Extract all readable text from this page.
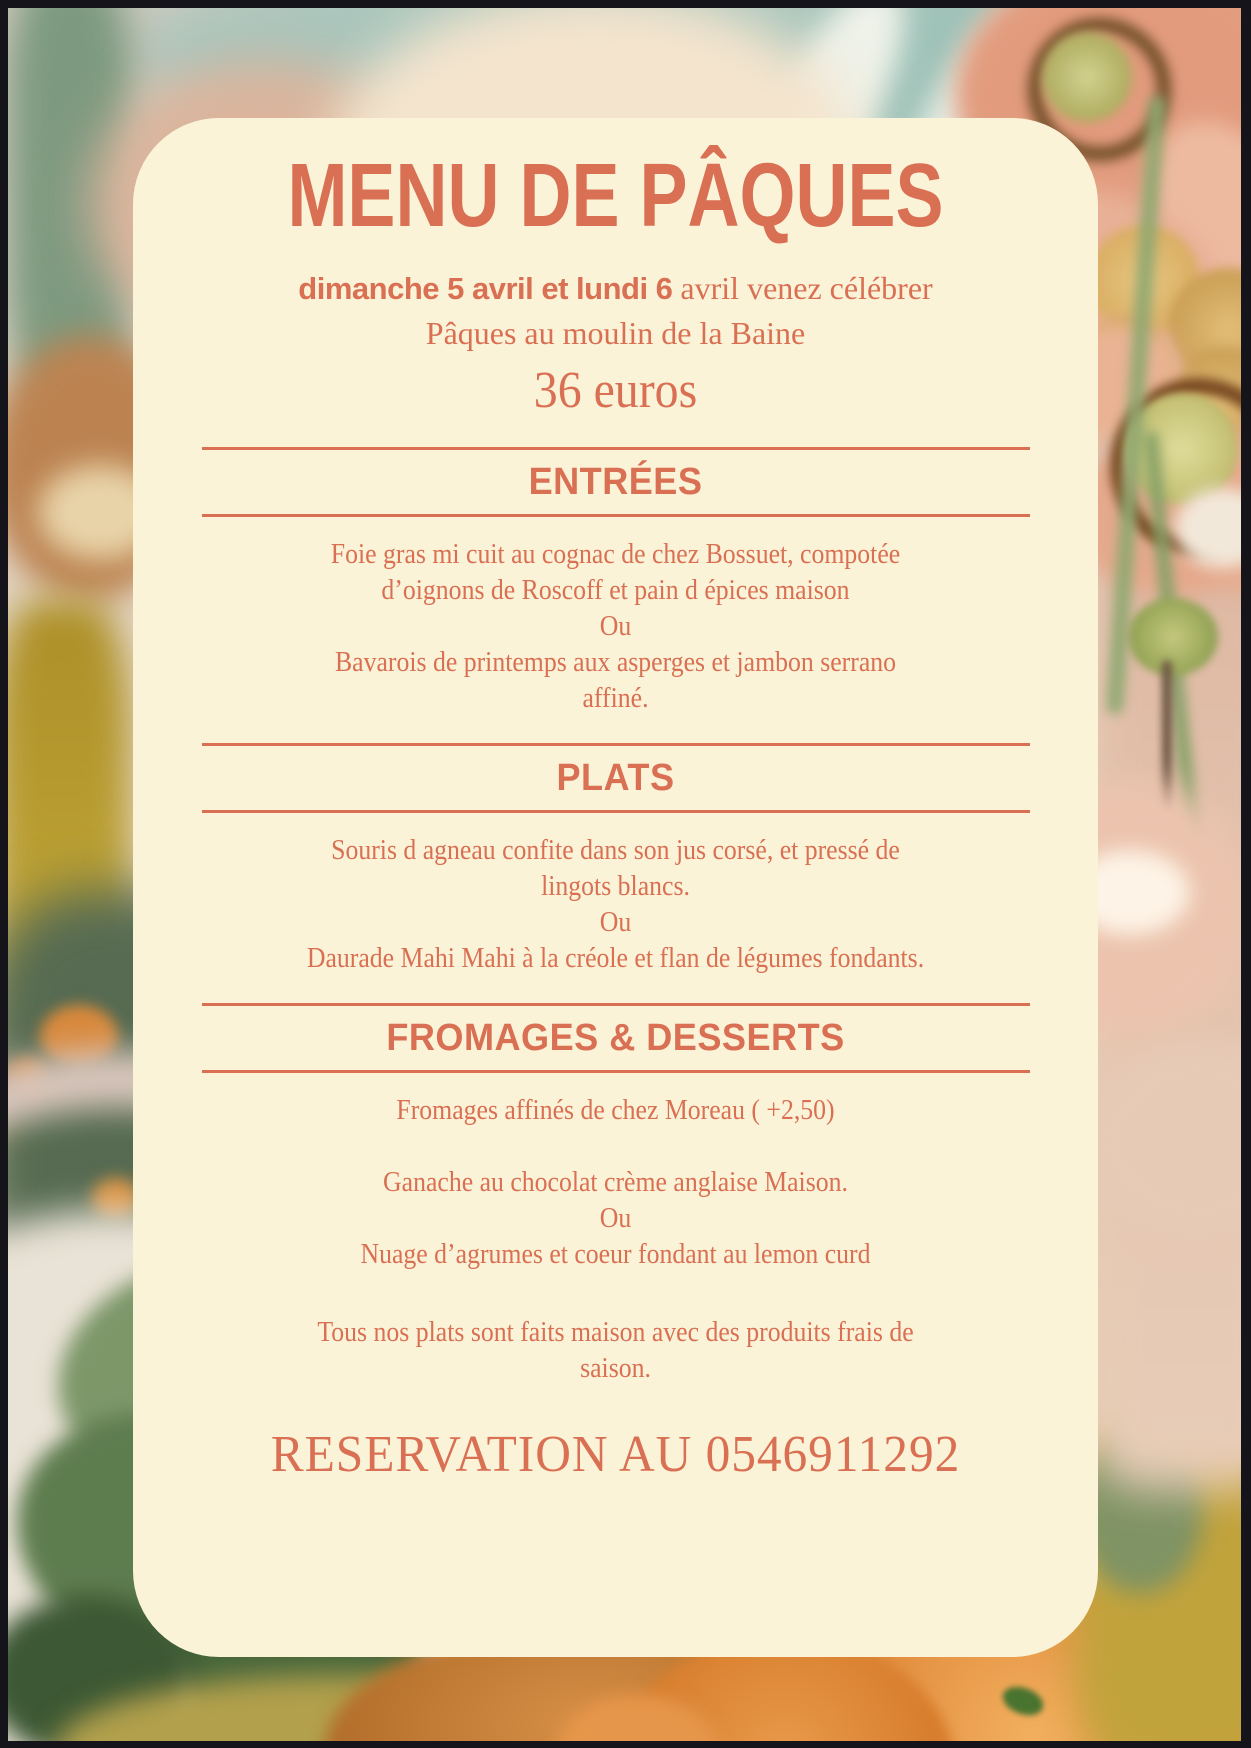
MENU DE PÂQUES

dimanche 5 avril et lundi 6 avril venez célébrer

Pâques au moulin de la Baine

36 euros
ENTRÉES
Foie gras mi cuit au cognac de chez Bossuet, compotée
d’oignons de Roscoff et pain d épices maison
Ou
Bavarois de printemps aux asperges et jambon serrano
affiné.
PLATS
Souris d agneau confite dans son jus corsé, et pressé de
lingots blancs.
Ou
Daurade Mahi Mahi à la créole et flan de légumes fondants.
FROMAGES & DESSERTS
Fromages affinés de chez Moreau ( +2,50)
Ganache au chocolat crème anglaise Maison.
Ou
Nuage d’agrumes et coeur fondant au lemon curd
Tous nos plats sont faits maison avec des produits frais de
saison.
RESERVATION AU 0546911292
